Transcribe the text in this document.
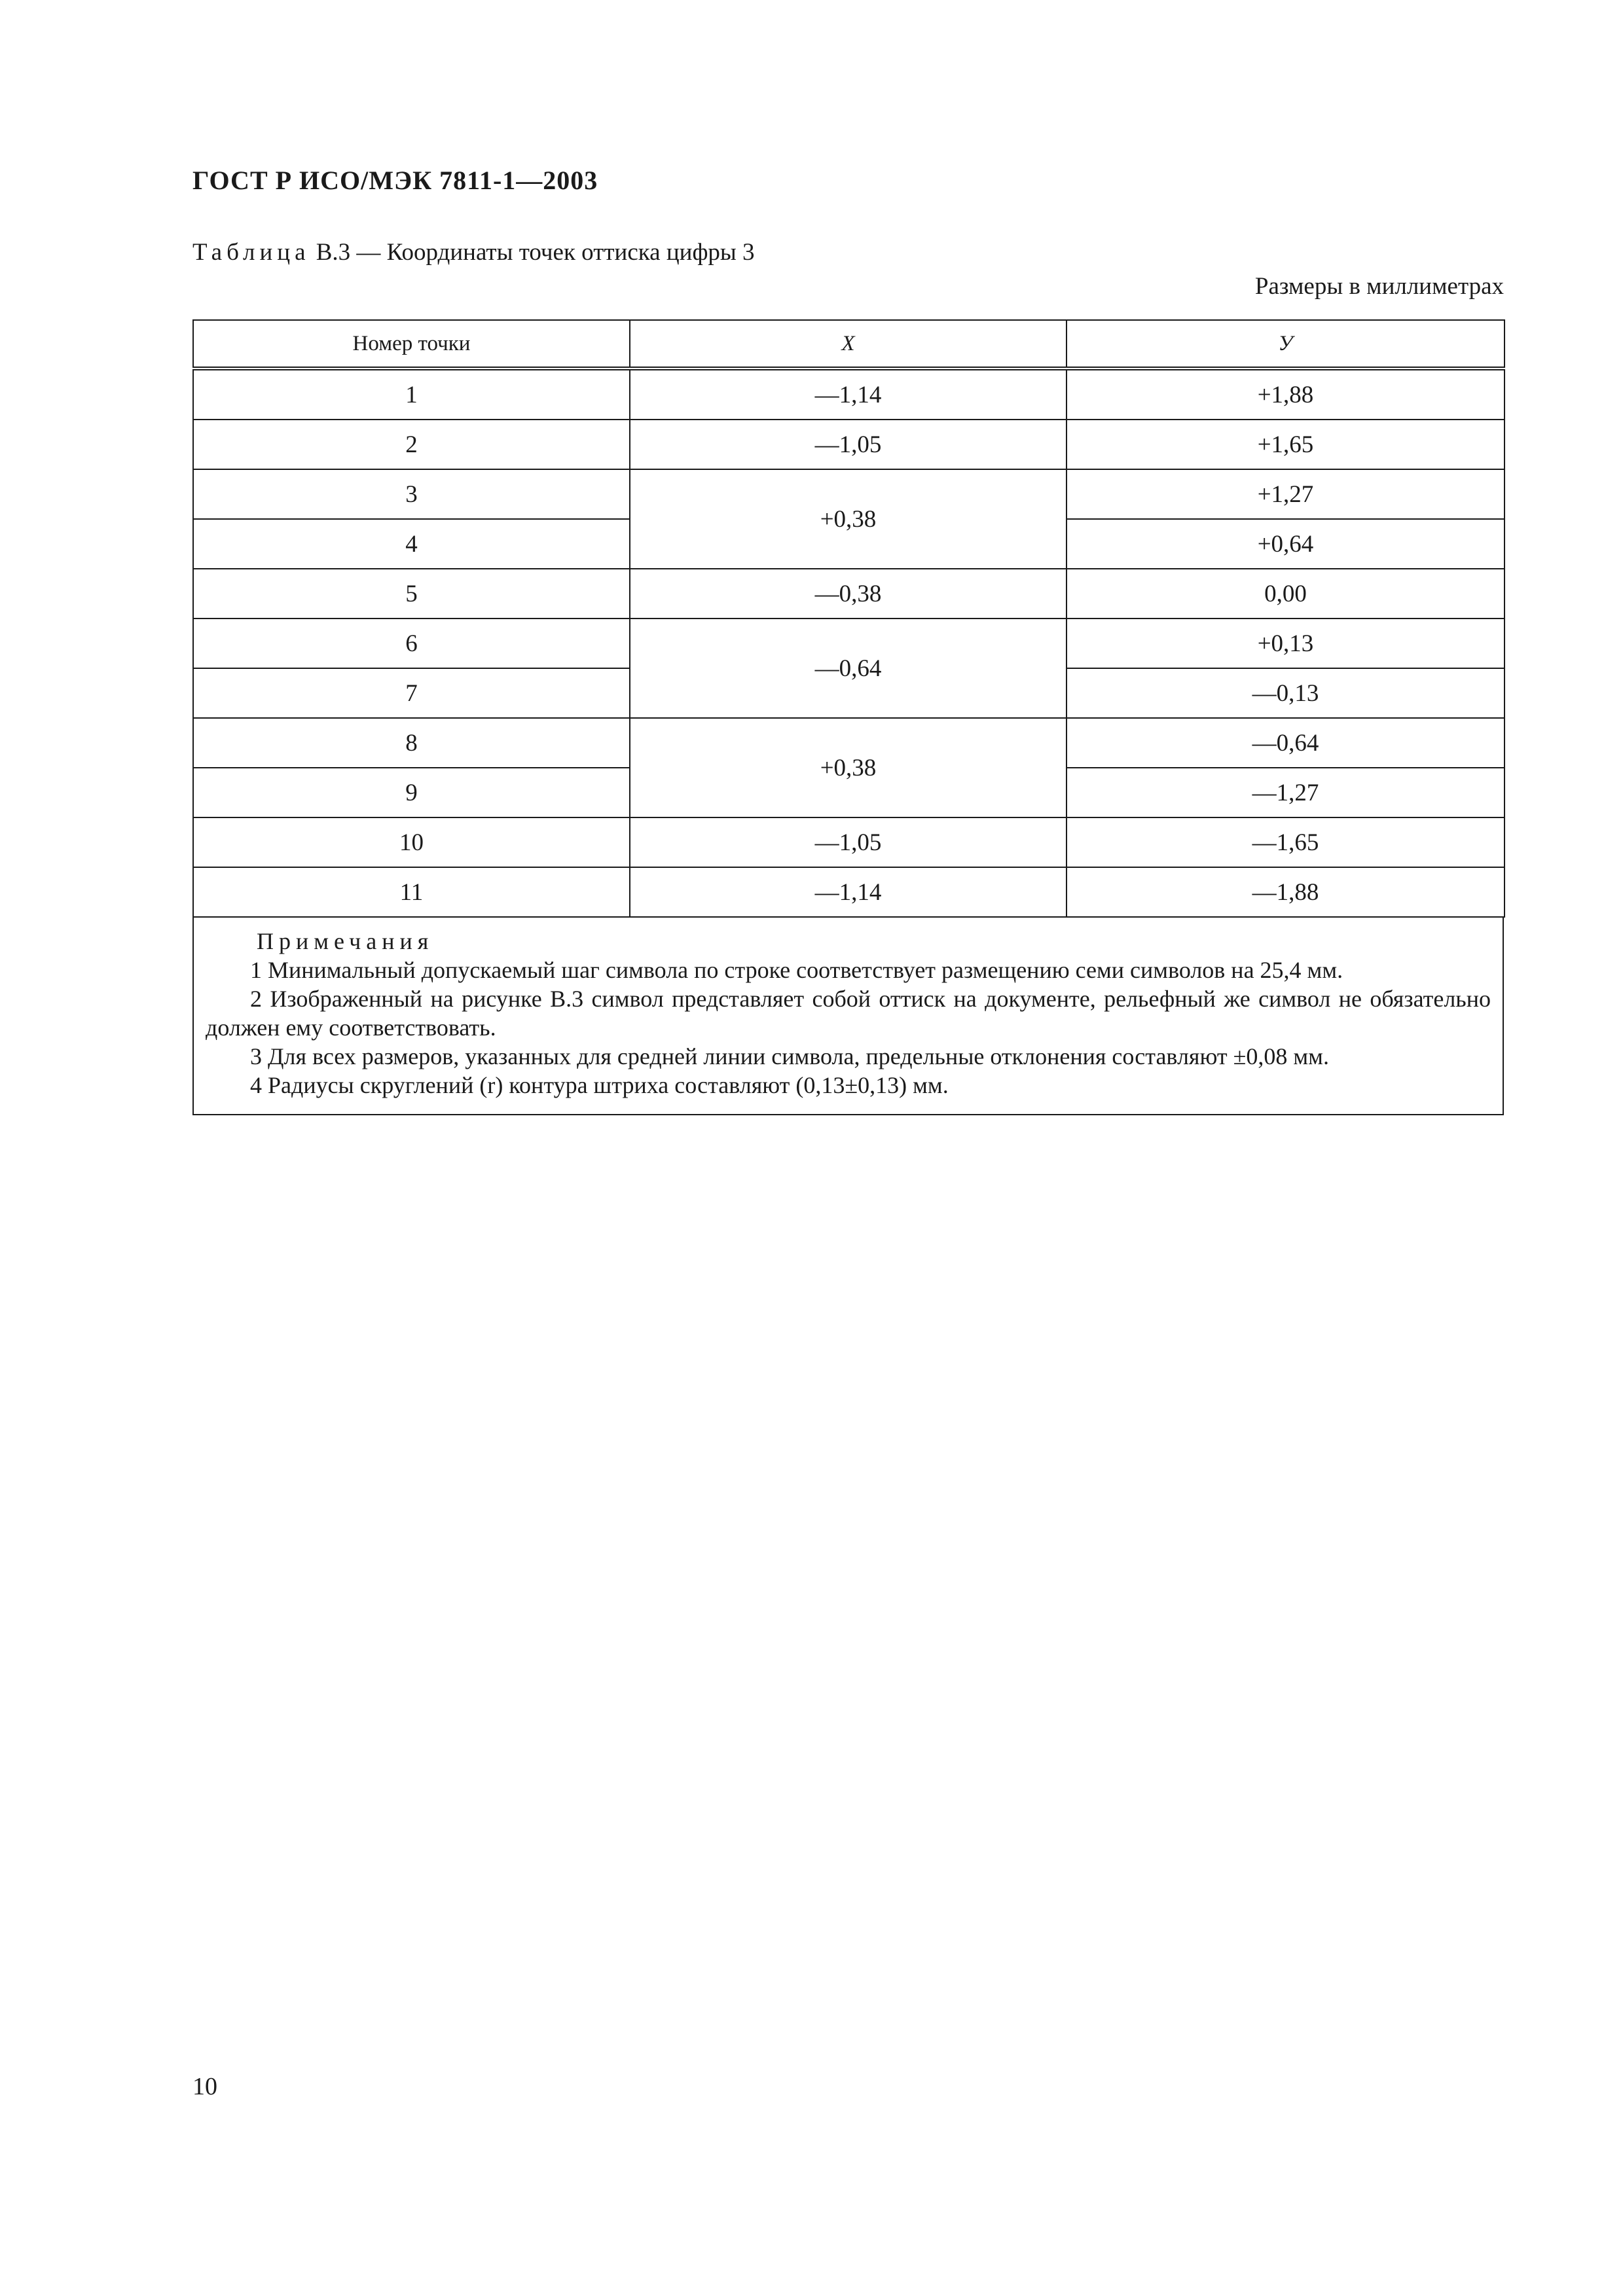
ГОСТ Р ИСО/МЭК 7811-1—2003
Таблица В.3 — Координаты точек оттиска цифры 3
Размеры в миллиметрах
Номер точки	X	У
1	—1,14	+1,88
2	—1,05	+1,65
3	+0,38	+1,27
4		+0,64
5	—0,38	0,00
6	—0,64	+0,13
7		—0,13
8	+0,38	—0,64
9		—1,27
10	—1,05	—1,65
11	—1,14	—1,88
Примечания
1 Минимальный допускаемый шаг символа по строке соответствует размещению семи символов на 25,4 мм.
2 Изображенный на рисунке В.3 символ представляет собой оттиск на документе, рельефный же символ не обязательно должен ему соответствовать.
3 Для всех размеров, указанных для средней линии символа, предельные отклонения составляют ±0,08 мм.
4 Радиусы скруглений (r) контура штриха составляют (0,13±0,13) мм.
10
